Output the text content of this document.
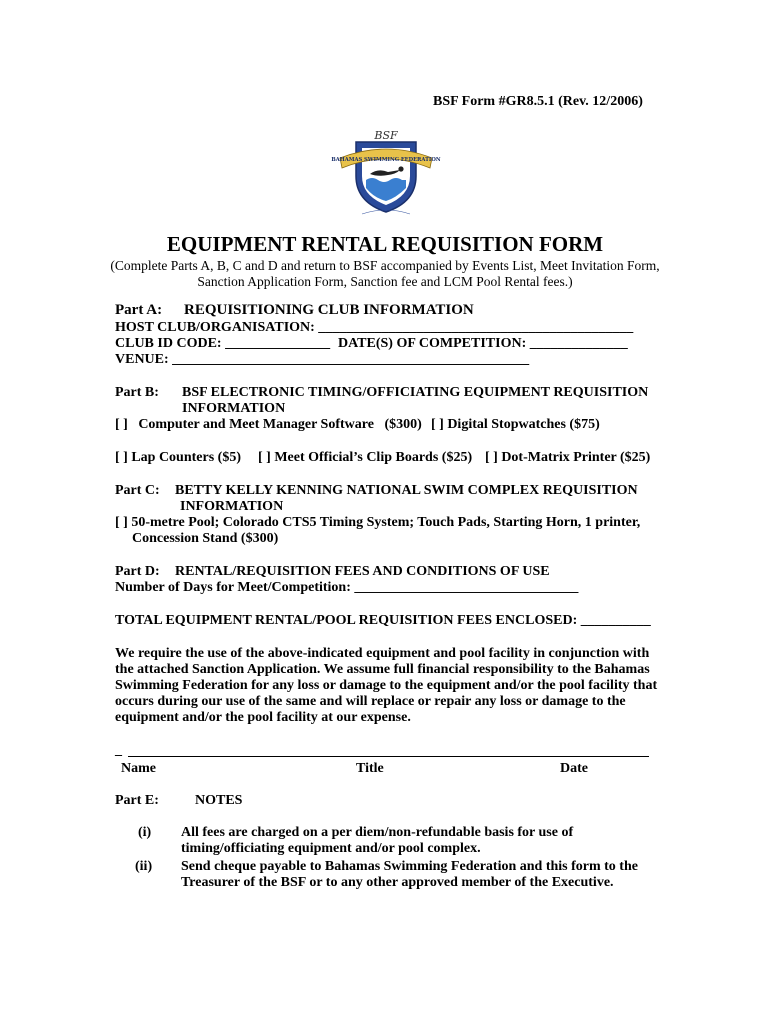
BSF Form #GR8.5.1 (Rev. 12/2006)
BAHAMAS SWIMMING FEDERATION
BSF
EQUIPMENT RENTAL REQUISITION FORM
(Complete Parts A, B, C and D and return to BSF accompanied by Events List, Meet Invitation Form,
Sanction Application Form, Sanction fee and LCM Pool Rental fees.)
Part A: REQUISITIONING CLUB INFORMATION
HOST CLUB/ORGANISATION: _____________________________________________
CLUB ID CODE: _______________ DATE(S) OF COMPETITION: ______________
VENUE: ___________________________________________________
Part B: BSF ELECTRONIC TIMING/OFFICIATING EQUIPMENT REQUISITION
INFORMATION
[ ]   Computer and Meet Manager Software   ($300) [ ] Digital Stopwatches ($75)
[ ] Lap Counters ($5) [ ] Meet Official’s Clip Boards ($25) [ ] Dot-Matrix Printer ($25)
Part C: BETTY KELLY KENNING NATIONAL SWIM COMPLEX REQUISITION
INFORMATION
[ ] 50-metre Pool; Colorado CTS5 Timing System; Touch Pads, Starting Horn, 1 printer,
Concession Stand ($300)
Part D: RENTAL/REQUISITION FEES AND CONDITIONS OF USE
Number of Days for Meet/Competition: ________________________________
TOTAL EQUIPMENT RENTAL/POOL REQUISITION FEES ENCLOSED: __________
We require the use of the above-indicated equipment and pool facility in conjunction with
the attached Sanction Application. We assume full financial responsibility to the Bahamas
Swimming Federation for any loss or damage to the equipment and/or the pool facility that
occurs during our use of the same and will replace or repair any loss or damage to the
equipment and/or the pool facility at our expense.
_
Name	Title	Date
Part E:	NOTES
(i) All fees are charged on a per diem/non-refundable basis for use of
timing/officiating equipment and/or pool complex.
(ii) Send cheque payable to Bahamas Swimming Federation and this form to the
Treasurer of the BSF or to any other approved member of the Executive.
